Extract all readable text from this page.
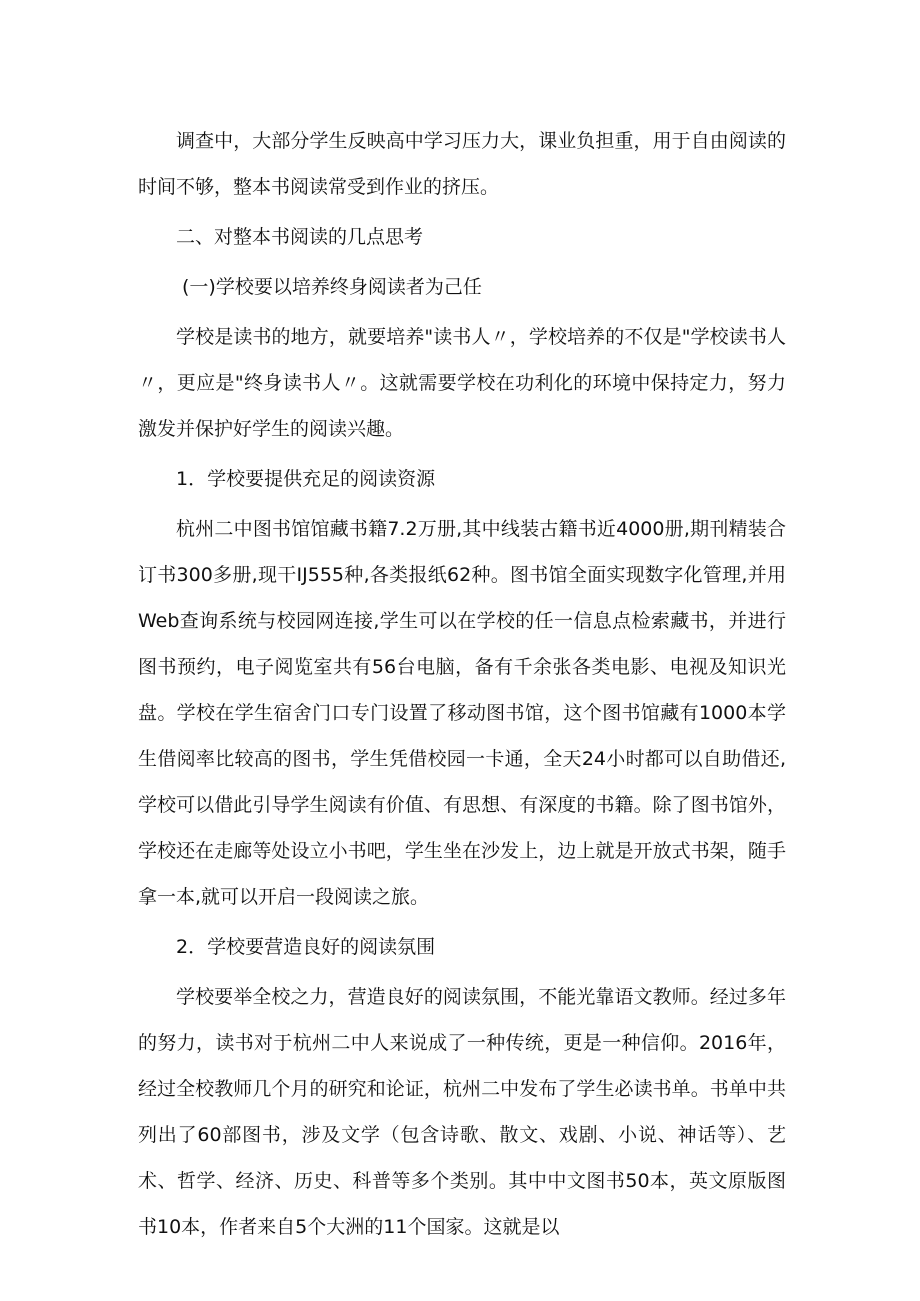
调查中，大部分学生反映高中学习压力大，课业负担重，用于自由阅读的时间不够，整本书阅读常受到作业的挤压。

二、对整本书阅读的几点思考

(一)学校要以培养终身阅读者为己任

学校是读书的地方，就要培养"读书人〃，学校培养的不仅是"学校读书人〃，更应是"终身读书人〃。这就需要学校在功利化的环境中保持定力，努力激发并保护好学生的阅读兴趣。

1．学校要提供充足的阅读资源

杭州二中图书馆馆藏书籍7.2万册,其中线装古籍书近4000册,期刊精装合订书300多册,现干IJ555种,各类报纸62种。图书馆全面实现数字化管理,并用Web查询系统与校园网连接,学生可以在学校的任一信息点检索藏书，并进行图书预约，电子阅览室共有56台电脑，备有千余张各类电影、电视及知识光盘。学校在学生宿舍门口专门设置了移动图书馆，这个图书馆藏有1000本学生借阅率比较高的图书，学生凭借校园一卡通，全天24小时都可以自助借还,学校可以借此引导学生阅读有价值、有思想、有深度的书籍。除了图书馆外，学校还在走廊等处设立小书吧，学生坐在沙发上，边上就是开放式书架，随手拿一本,就可以开启一段阅读之旅。

2．学校要营造良好的阅读氛围

学校要举全校之力，营造良好的阅读氛围，不能光靠语文教师。经过多年的努力，读书对于杭州二中人来说成了一种传统，更是一种信仰。2016年，经过全校教师几个月的研究和论证，杭州二中发布了学生必读书单。书单中共列出了60部图书，涉及文学（包含诗歌、散文、戏剧、小说、神话等）、艺术、哲学、经济、历史、科普等多个类别。其中中文图书50本，英文原版图书10本，作者来自5个大洲的11个国家。这就是以
